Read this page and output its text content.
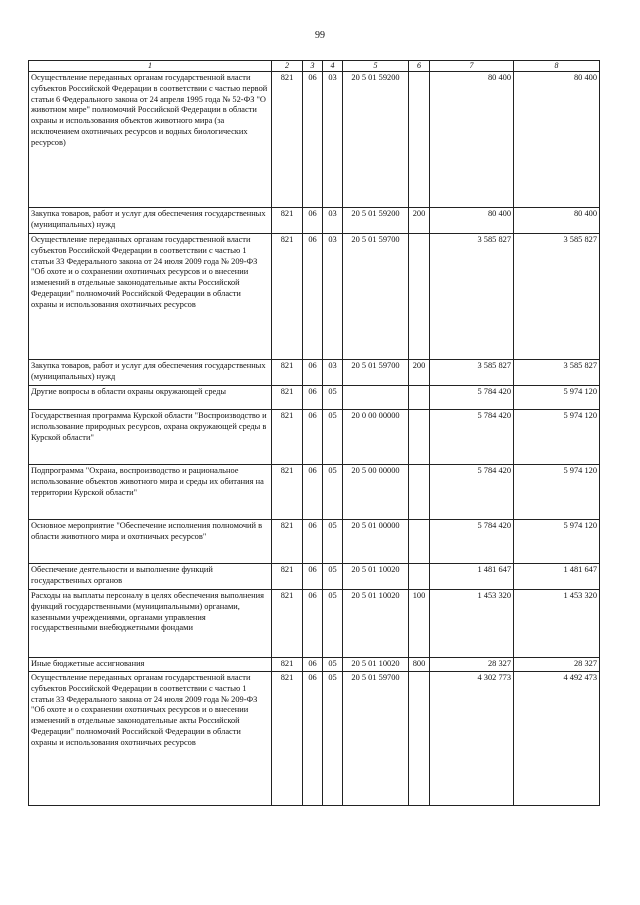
99
1	2	3	4	5	6	7	8
Осуществление переданных органам государственной власти субъектов Российской Федерации в соответствии с частью первой статьи 6 Федерального закона от 24 апреля 1995 года № 52-ФЗ "О животном мире" полномочий Российской Федерации в области охраны и использования объектов животного мира (за исключением охотничьих ресурсов и водных биологических ресурсов)	821	06	03	20 5 01 59200		80 400	80 400
Закупка товаров, работ и услуг для обеспечения государственных (муниципальных) нужд	821	06	03	20 5 01 59200	200	80 400	80 400
Осуществление переданных органам государственной власти субъектов Российской Федерации в соответствии с частью 1 статьи 33 Федерального закона от 24 июля 2009 года № 209-ФЗ "Об охоте и о сохранении охотничьих ресурсов и о внесении изменений в отдельные законодательные акты Российской Федерации" полномочий Российской Федерации в области охраны и использования охотничьих ресурсов	821	06	03	20 5 01 59700		3 585 827	3 585 827
Закупка товаров, работ и услуг для обеспечения государственных (муниципальных) нужд	821	06	03	20 5 01 59700	200	3 585 827	3 585 827
Другие вопросы в области охраны окружающей среды	821	06	05			5 784 420	5 974 120
Государственная программа Курской области "Воспроизводство и использование природных ресурсов, охрана окружающей среды в Курской области"	821	06	05	20 0 00 00000		5 784 420	5 974 120
Подпрограмма "Охрана, воспроизводство и рациональное использование объектов животного мира и среды их обитания на территории Курской области"	821	06	05	20 5 00 00000		5 784 420	5 974 120
Основное мероприятие "Обеспечение исполнения полномочий в области животного мира и охотничьих ресурсов"	821	06	05	20 5 01 00000		5 784 420	5 974 120
Обеспечение деятельности и выполнение функций государственных органов	821	06	05	20 5 01 10020		1 481 647	1 481 647
Расходы на выплаты персоналу в целях обеспечения выполнения функций государственными (муниципальными) органами, казенными учреждениями, органами управления государственными внебюджетными фондами	821	06	05	20 5 01 10020	100	1 453 320	1 453 320
Иные бюджетные ассигнования	821	06	05	20 5 01 10020	800	28 327	28 327
Осуществление переданных органам государственной власти субъектов Российской Федерации в соответствии с частью 1 статьи 33 Федерального закона от 24 июля 2009 года № 209-ФЗ "Об охоте и о сохранении охотничьих ресурсов и о внесении изменений в отдельные законодательные акты Российской Федерации" полномочий Российской Федерации в области охраны и использования охотничьих ресурсов	821	06	05	20 5 01 59700		4 302 773	4 492 473
